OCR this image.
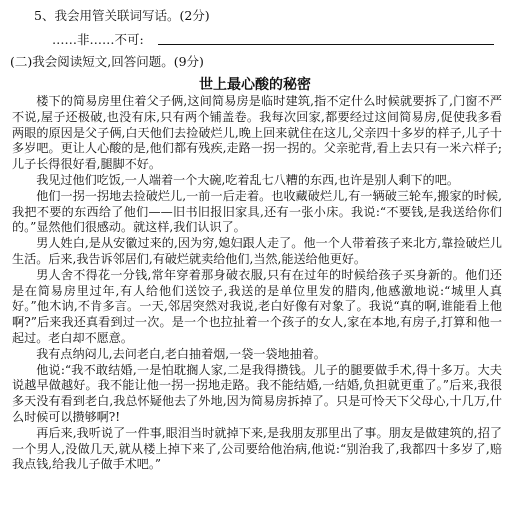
5、我会用管关联词写话。(2分)
……非……不可:
(二)我会阅读短文,回答问题。(9分)
世上最心酸的秘密

楼下的简易房里住着父子俩,这间简易房是临时建筑,指不定什么时候就要拆了,门窗不严不说,屋子还极破,也没有床,只有两个铺盖卷。我每次回家,都要经过这间简易房,促使我多看两眼的原因是父子俩,白天他们去捡破烂儿,晚上回来就住在这儿,父亲四十多岁的样子,儿子十多岁吧。更让人心酸的是,他们都有残疾,走路一拐一拐的。父亲驼背,看上去只有一米六样子;儿子长得很好看,腿脚不好。

我见过他们吃饭,一人端着一个大碗,吃着乱七八糟的东西,也许是别人剩下的吧。

他们一拐一拐地去捡破烂儿,一前一后走着。也收藏破烂儿,有一辆破三轮车,搬家的时候,我把不要的东西给了他们——旧书旧报旧家具,还有一张小床。我说:“不要钱,是我送给你们的。”显然他们很感动。就这样,我们认识了。

男人姓白,是从安徽过来的,因为穷,媳妇跟人走了。他一个人带着孩子来北方,靠捡破烂儿生活。后来,我告诉邻居们,有破烂就卖给他们,当然,能送给他更好。

男人舍不得花一分钱,常年穿着那身破衣服,只有在过年的时候给孩子买身新的。他们还是在简易房里过年,有人给他们送饺子,我送的是单位里发的腊肉,他感激地说:“城里人真好。”他木讷,不肯多言。一天,邻居突然对我说,老白好像有对象了。我说“真的啊,谁能看上他啊?”后来我还真看到过一次。是一个也拉扯着一个孩子的女人,家在本地,有房子,打算和他一起过。老白却不愿意。

我有点纳闷儿,去问老白,老白抽着烟,一袋一袋地抽着。

他说:“我不敢结婚,一是怕耽搁人家,二是我得攒钱。儿子的腿要做手术,得十多万。大夫说越早做越好。我不能让他一拐一拐地走路。我不能结婚,一结婚,负担就更重了。”后来,我很多天没有看到老白,我总怀疑他去了外地,因为简易房拆掉了。只是可怜天下父母心,十几万,什么时候可以攒够啊?!

再后来,我听说了一件事,眼泪当时就掉下来,是我朋友那里出了事。朋友是做建筑的,招了一个男人,没做几天,就从楼上掉下来了,公司要给他治病,他说:“别治我了,我都四十多岁了,赔我点钱,给我儿子做手术吧。”
